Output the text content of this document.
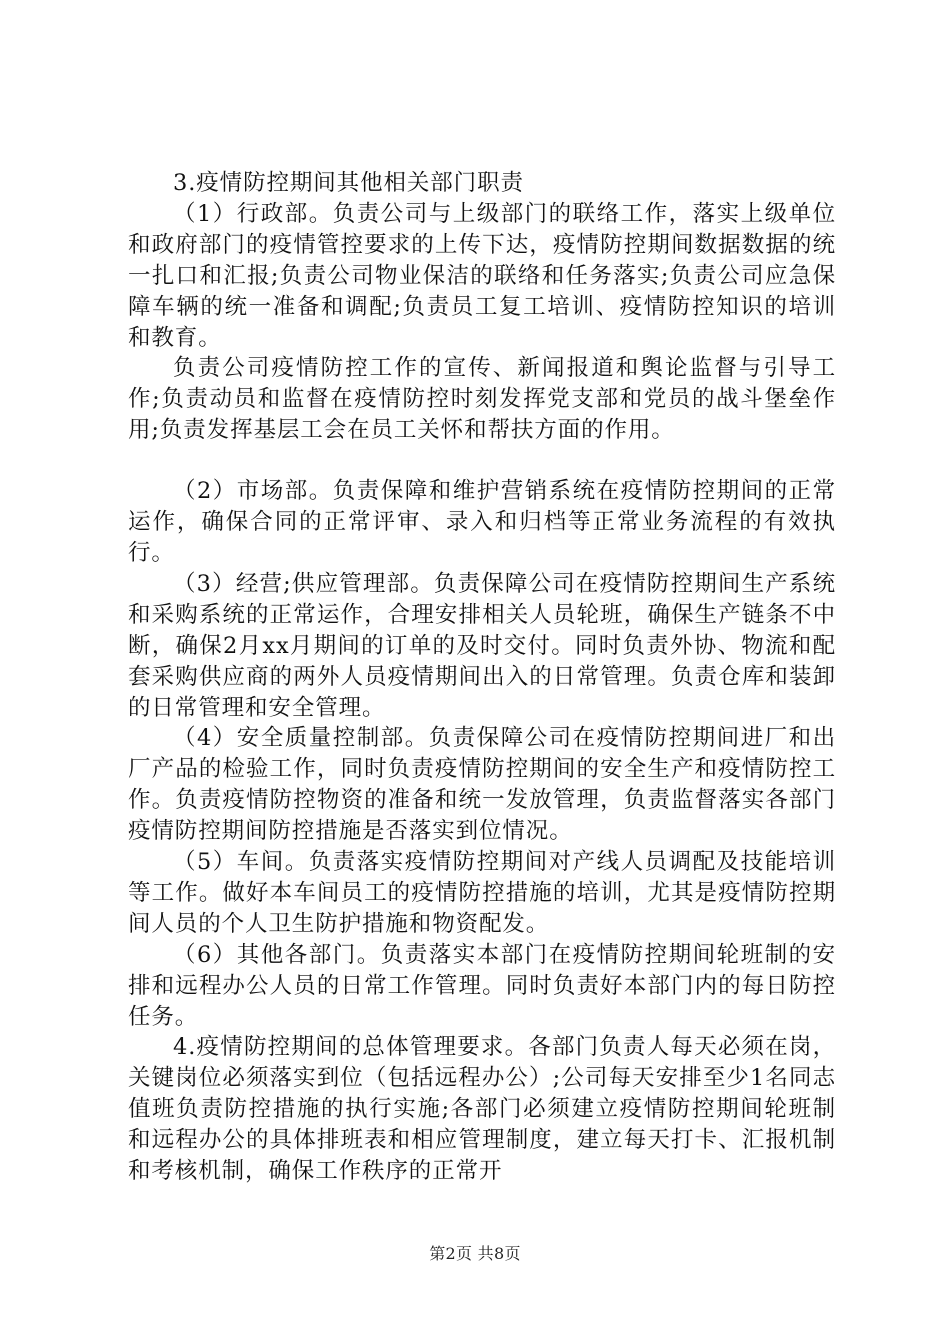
3.疫情防控期间其他相关部门职责

（1）行政部。负责公司与上级部门的联络工作，落实上级单位和政府部门的疫情管控要求的上传下达，疫情防控期间数据数据的统一扎口和汇报;负责公司物业保洁的联络和任务落实;负责公司应急保障车辆的统一准备和调配;负责员工复工培训、疫情防控知识的培训和教育。

负责公司疫情防控工作的宣传、新闻报道和舆论监督与引导工作;负责动员和监督在疫情防控时刻发挥党支部和党员的战斗堡垒作用;负责发挥基层工会在员工关怀和帮扶方面的作用。

（2）市场部。负责保障和维护营销系统在疫情防控期间的正常运作，确保合同的正常评审、录入和归档等正常业务流程的有效执行。

（3）经营;供应管理部。负责保障公司在疫情防控期间生产系统和采购系统的正常运作，合理安排相关人员轮班，确保生产链条不中断，确保2月xx月期间的订单的及时交付。同时负责外协、物流和配套采购供应商的两外人员疫情期间出入的日常管理。负责仓库和装卸的日常管理和安全管理。

（4）安全质量控制部。负责保障公司在疫情防控期间进厂和出厂产品的检验工作，同时负责疫情防控期间的安全生产和疫情防控工作。负责疫情防控物资的准备和统一发放管理，负责监督落实各部门疫情防控期间防控措施是否落实到位情况。

（5）车间。负责落实疫情防控期间对产线人员调配及技能培训等工作。做好本车间员工的疫情防控措施的培训，尤其是疫情防控期间人员的个人卫生防护措施和物资配发。

（6）其他各部门。负责落实本部门在疫情防控期间轮班制的安排和远程办公人员的日常工作管理。同时负责好本部门内的每日防控任务。

4.疫情防控期间的总体管理要求。各部门负责人每天必须在岗，关键岗位必须落实到位（包括远程办公）;公司每天安排至少1名同志值班负责防控措施的执行实施;各部门必须建立疫情防控期间轮班制和远程办公的具体排班表和相应管理制度，建立每天打卡、汇报机制和考核机制，确保工作秩序的正常开

第2页 共8页
